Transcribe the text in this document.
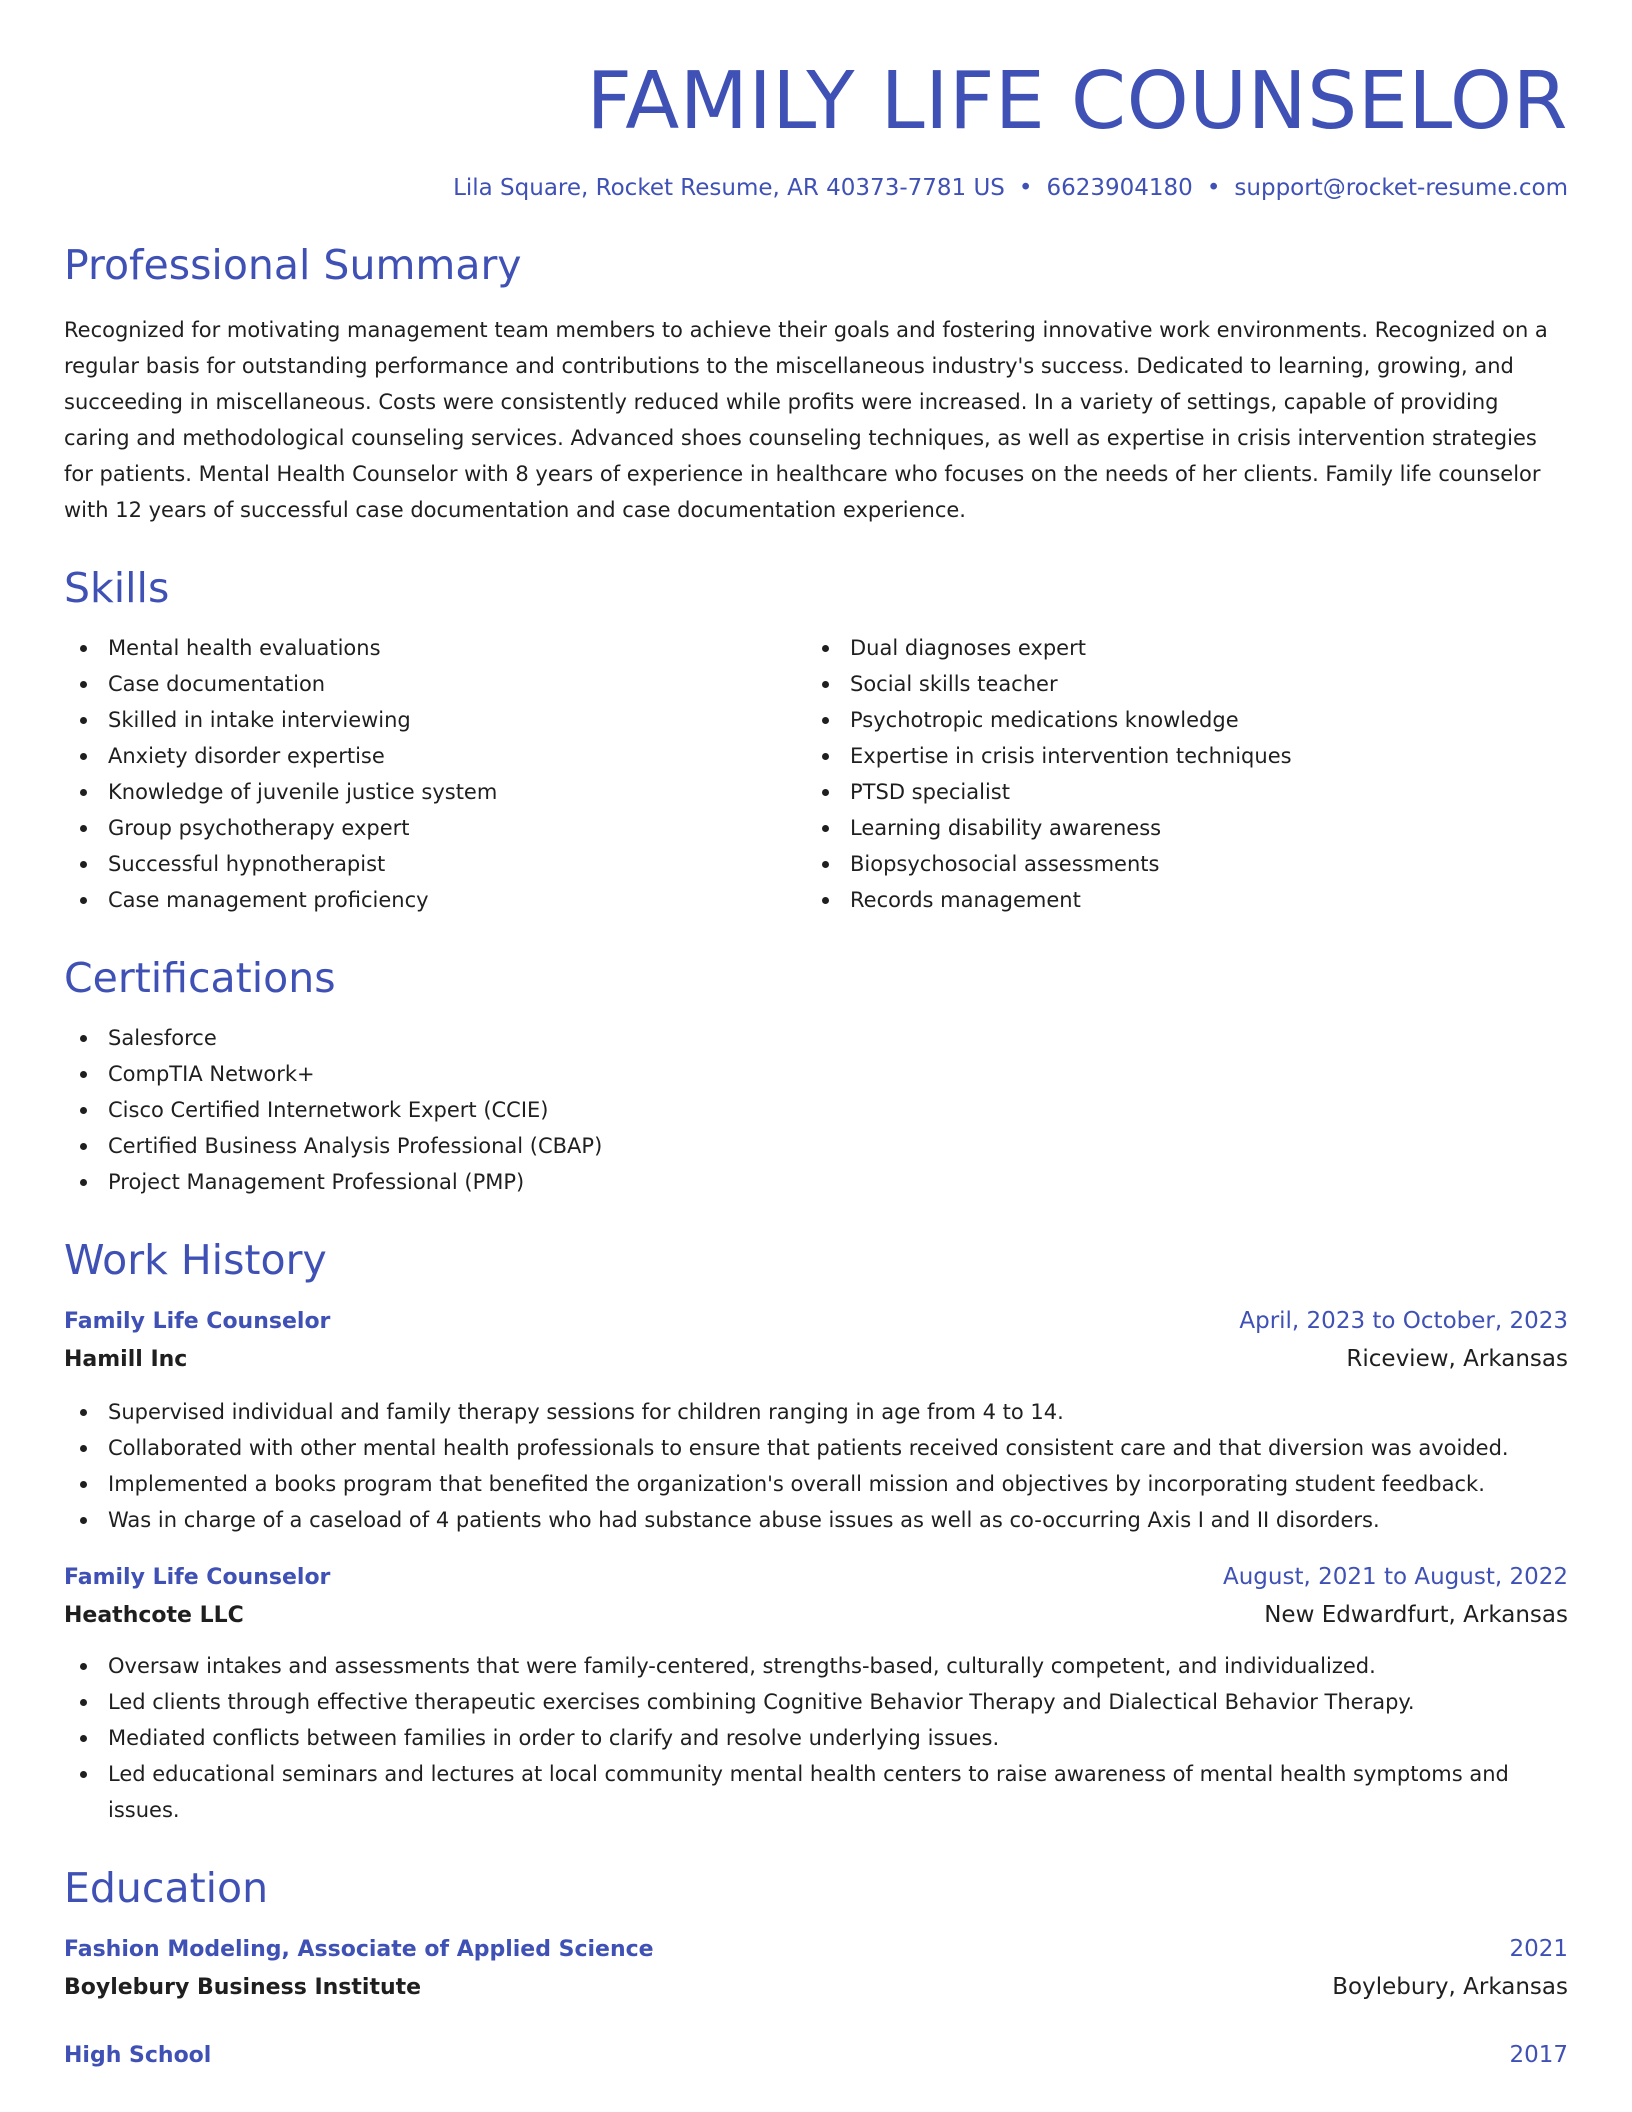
FAMILY LIFE COUNSELOR
Lila Square, Rocket Resume, AR 40373-7781 US • 6623904180 • support@rocket-resume.com
Professional Summary
Recognized for motivating management team members to achieve their goals and fostering innovative work environments. Recognized on a regular basis for outstanding performance and contributions to the miscellaneous industry's success. Dedicated to learning, growing, and succeeding in miscellaneous. Costs were consistently reduced while profits were increased. In a variety of settings, capable of providing caring and methodological counseling services. Advanced shoes counseling techniques, as well as expertise in crisis intervention strategies for patients. Mental Health Counselor with 8 years of experience in healthcare who focuses on the needs of her clients. Family life counselor with 12 years of successful case documentation and case documentation experience.
Skills
Mental health evaluations
Case documentation
Skilled in intake interviewing
Anxiety disorder expertise
Knowledge of juvenile justice system
Group psychotherapy expert
Successful hypnotherapist
Case management proficiency
Dual diagnoses expert
Social skills teacher
Psychotropic medications knowledge
Expertise in crisis intervention techniques
PTSD specialist
Learning disability awareness
Biopsychosocial assessments
Records management
Certifications
Salesforce
CompTIA Network+
Cisco Certified Internetwork Expert (CCIE)
Certified Business Analysis Professional (CBAP)
Project Management Professional (PMP)
Work History
Family Life Counselor	April, 2023 to October, 2023
Hamill Inc	Riceview, Arkansas
Supervised individual and family therapy sessions for children ranging in age from 4 to 14.
Collaborated with other mental health professionals to ensure that patients received consistent care and that diversion was avoided.
Implemented a books program that benefited the organization's overall mission and objectives by incorporating student feedback.
Was in charge of a caseload of 4 patients who had substance abuse issues as well as co-occurring Axis I and II disorders.
Family Life Counselor	August, 2021 to August, 2022
Heathcote LLC	New Edwardfurt, Arkansas
Oversaw intakes and assessments that were family-centered, strengths-based, culturally competent, and individualized.
Led clients through effective therapeutic exercises combining Cognitive Behavior Therapy and Dialectical Behavior Therapy.
Mediated conflicts between families in order to clarify and resolve underlying issues.
Led educational seminars and lectures at local community mental health centers to raise awareness of mental health symptoms and issues.
Education
Fashion Modeling, Associate of Applied Science	2021
Boylebury Business Institute	Boylebury, Arkansas
High School	2017
